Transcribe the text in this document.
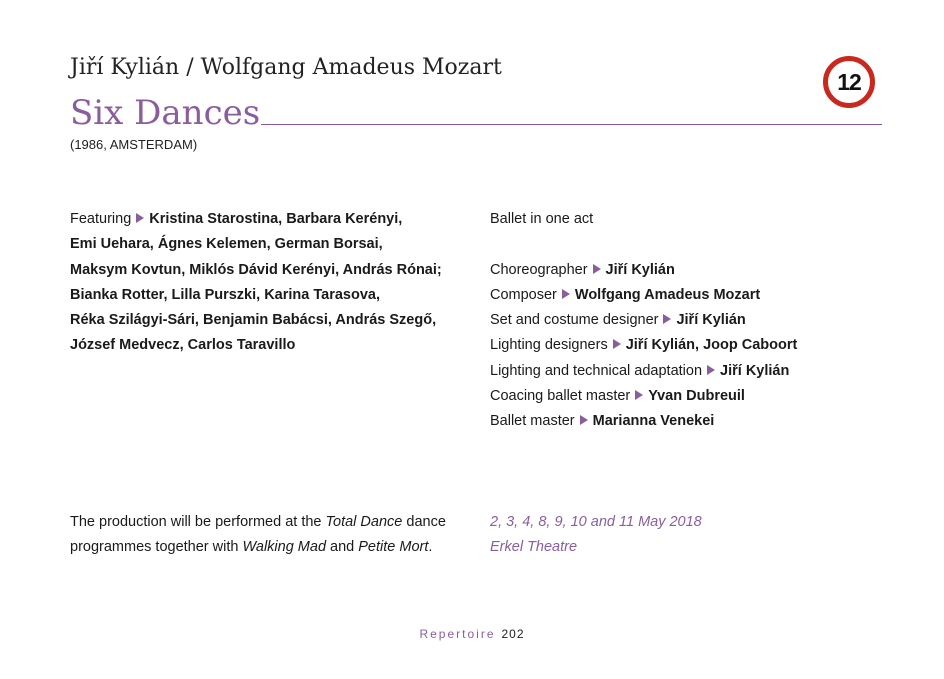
Jiří Kylián / Wolfgang Amadeus Mozart
12
Six Dances
(1986, AMSTERDAM)
Featuring Kristina Starostina, Barbara Kerényi,
Emi Uehara, Ágnes Kelemen, German Borsai,
Maksym Kovtun, Miklós Dávid Kerényi, András Rónai;
Bianka Rotter, Lilla Purszki, Karina Tarasova,
Réka Szilágyi-Sári, Benjamin Babácsi, András Szegő,
József Medvecz, Carlos Taravillo
Ballet in one act
Choreographer Jiří Kylián
Composer Wolfgang Amadeus Mozart
Set and costume designer Jiří Kylián
Lighting designers Jiří Kylián, Joop Caboort
Lighting and technical adaptation Jiří Kylián
Coacing ballet master Yvan Dubreuil
Ballet master Marianna Venekei
The production will be performed at the Total Dance dance
programmes together with Walking Mad and Petite Mort.
2, 3, 4, 8, 9, 10 and 11 May 2018
Erkel Theatre
Repertoire 202
